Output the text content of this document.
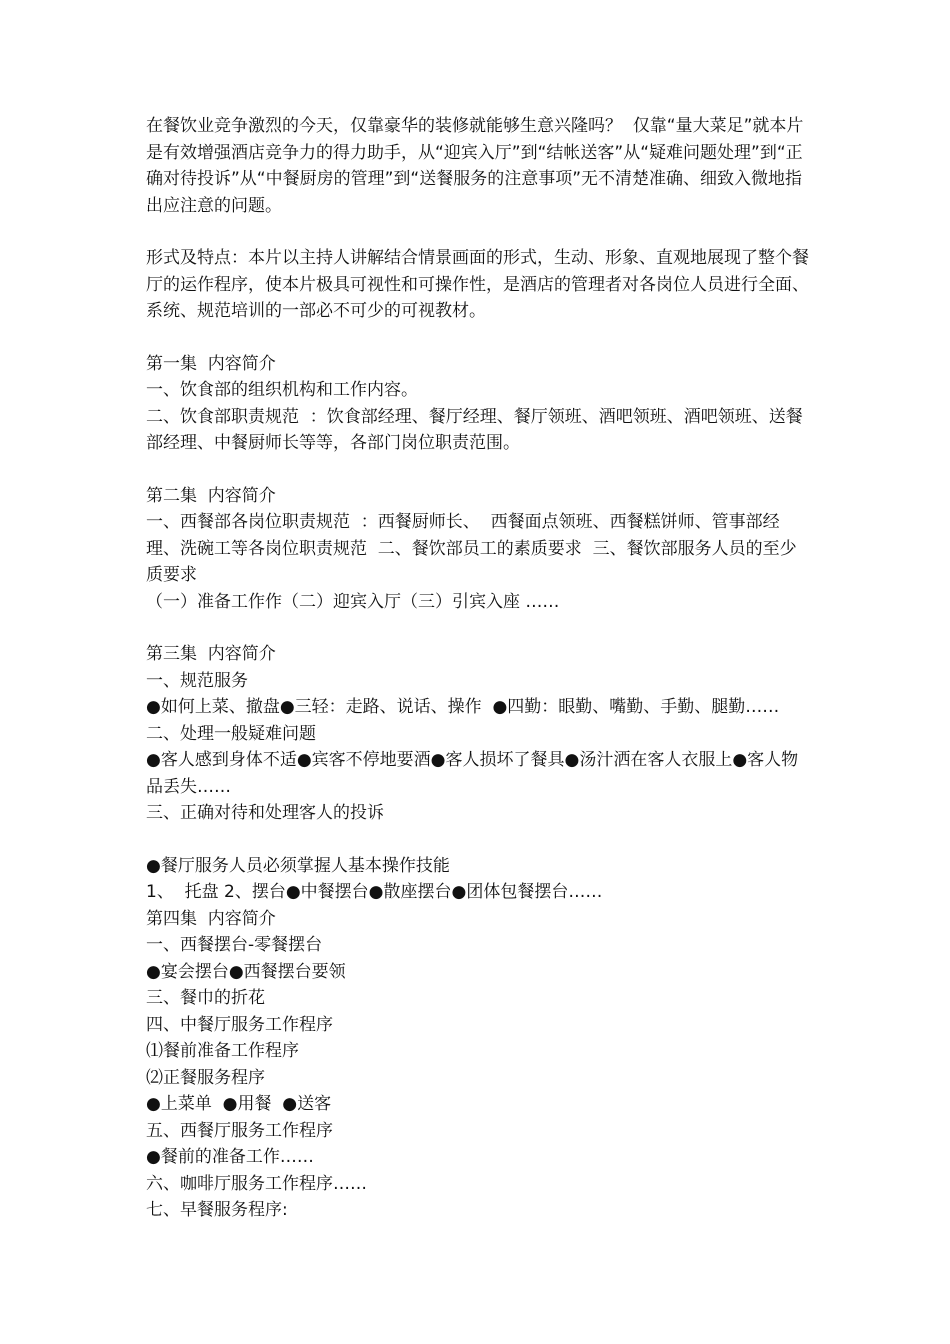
在餐饮业竞争激烈的今天，仅靠豪华的装修就能够生意兴隆吗？  仅靠“量大菜足”就本片是有效增强酒店竞争力的得力助手，从“迎宾入厅”到“结帐送客”从“疑难问题处理”到“正确对待投诉”从“中餐厨房的管理”到“送餐服务的注意事项”无不清楚准确、细致入微地指出应注意的问题。

形式及特点：本片以主持人讲解结合情景画面的形式，生动、形象、直观地展现了整个餐厅的运作程序，使本片极具可视性和可操作性，是酒店的管理者对各岗位人员进行全面、系统、规范培训的一部必不可少的可视教材。

第一集  内容简介

一、饮食部的组织机构和工作内容。

二、饮食部职责规范  ：饮食部经理、餐厅经理、餐厅领班、酒吧领班、酒吧领班、送餐部经理、中餐厨师长等等，各部门岗位职责范围。

第二集  内容简介

一、西餐部各岗位职责规范  ：西餐厨师长、  西餐面点领班、西餐糕饼师、管事部经理、洗碗工等各岗位职责规范  二、餐饮部员工的素质要求  三、餐饮部服务人员的至少质要求

（一）准备工作作（二）迎宾入厅（三）引宾入座 ……

第三集  内容简介

一、规范服务

●如何上菜、撤盘●三轻：走路、说话、操作  ●四勤：眼勤、嘴勤、手勤、腿勤……

二、处理一般疑难问题

●客人感到身体不适●宾客不停地要酒●客人损坏了餐具●汤汁洒在客人衣服上●客人物品丢失……

三、正确对待和处理客人的投诉

●餐厅服务人员必须掌握人基本操作技能

1、  托盘 2、摆台●中餐摆台●散座摆台●团体包餐摆台……

第四集  内容简介

一、西餐摆台-零餐摆台

●宴会摆台●西餐摆台要领

三、餐巾的折花

四、中餐厅服务工作程序

⑴餐前准备工作程序

⑵正餐服务程序

●上菜单  ●用餐  ●送客

五、西餐厅服务工作程序

●餐前的准备工作……

六、咖啡厅服务工作程序……

七、早餐服务程序:
